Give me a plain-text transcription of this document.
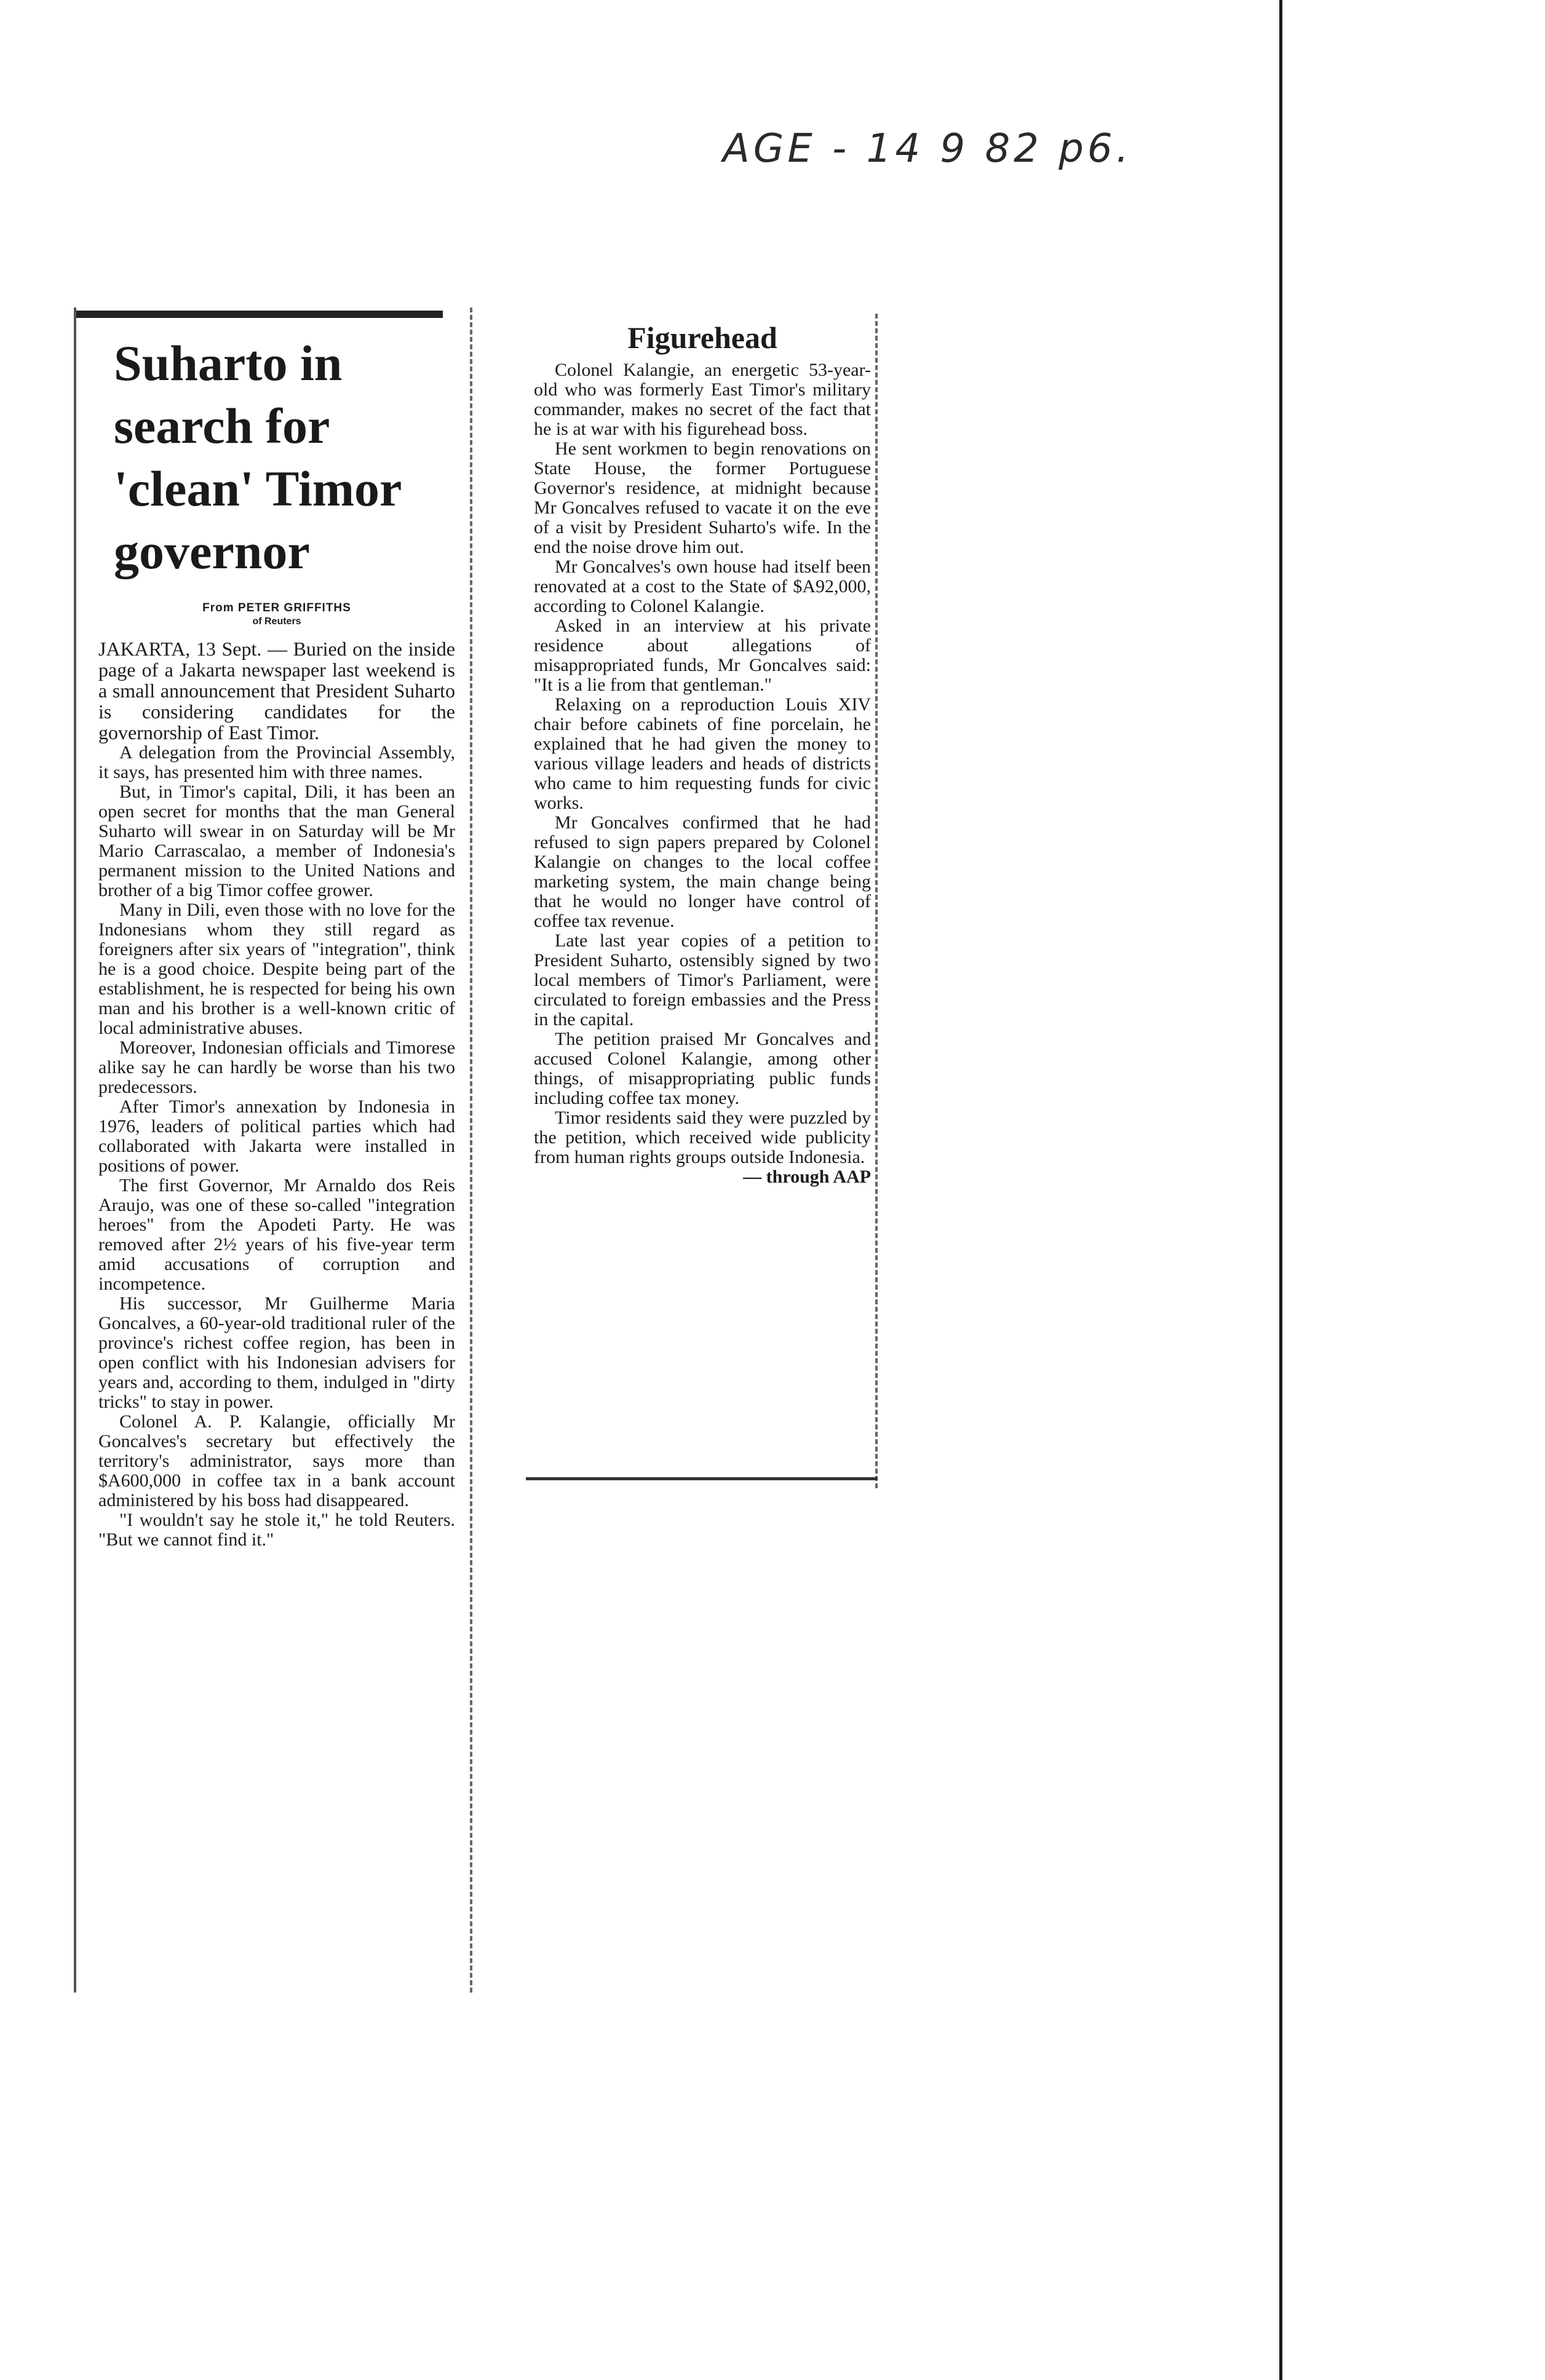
AGE - 14 9 82 p6.
Suharto in search for 'clean' Timor governor
From PETER GRIFFITHS
of Reuters

JAKARTA, 13 Sept. — Buried on the inside page of a Jakarta newspaper last weekend is a small announcement that President Suharto is considering candidates for the governorship of East Timor.

A delegation from the Provincial Assembly, it says, has presented him with three names.

But, in Timor's capital, Dili, it has been an open secret for months that the man General Suharto will swear in on Saturday will be Mr Mario Carrascalao, a member of Indonesia's permanent mission to the United Nations and brother of a big Timor coffee grower.

Many in Dili, even those with no love for the Indonesians whom they still regard as foreigners after six years of "integration", think he is a good choice. Despite being part of the establishment, he is respected for being his own man and his brother is a well-known critic of local administrative abuses.

Moreover, Indonesian officials and Timorese alike say he can hardly be worse than his two predecessors.

After Timor's annexation by Indonesia in 1976, leaders of political parties which had collaborated with Jakarta were installed in positions of power.

The first Governor, Mr Arnaldo dos Reis Araujo, was one of these so-called "integration heroes" from the Apodeti Party. He was removed after 2½ years of his five-year term amid accusations of corruption and incompetence.

His successor, Mr Guilherme Maria Goncalves, a 60-year-old traditional ruler of the province's richest coffee region, has been in open conflict with his Indonesian advisers for years and, according to them, indulged in "dirty tricks" to stay in power.

Colonel A. P. Kalangie, officially Mr Goncalves's secretary but effectively the territory's administrator, says more than $A600,000 in coffee tax in a bank account administered by his boss had disappeared.

"I wouldn't say he stole it," he told Reuters. "But we cannot find it."

Figurehead

Colonel Kalangie, an energetic 53-year-old who was formerly East Timor's military commander, makes no secret of the fact that he is at war with his figurehead boss.

He sent workmen to begin renovations on State House, the former Portuguese Governor's residence, at midnight because Mr Goncalves refused to vacate it on the eve of a visit by President Suharto's wife. In the end the noise drove him out.

Mr Goncalves's own house had itself been renovated at a cost to the State of $A92,000, according to Colonel Kalangie.

Asked in an interview at his private residence about allegations of misappropriated funds, Mr Goncalves said: "It is a lie from that gentleman."

Relaxing on a reproduction Louis XIV chair before cabinets of fine porcelain, he explained that he had given the money to various village leaders and heads of districts who came to him requesting funds for civic works.

Mr Goncalves confirmed that he had refused to sign papers prepared by Colonel Kalangie on changes to the local coffee marketing system, the main change being that he would no longer have control of coffee tax revenue.

Late last year copies of a petition to President Suharto, ostensibly signed by two local members of Timor's Parliament, were circulated to foreign embassies and the Press in the capital.

The petition praised Mr Goncalves and accused Colonel Kalangie, among other things, of misappropriating public funds including coffee tax money.

Timor residents said they were puzzled by the petition, which received wide publicity from human rights groups outside Indonesia.

— through AAP
